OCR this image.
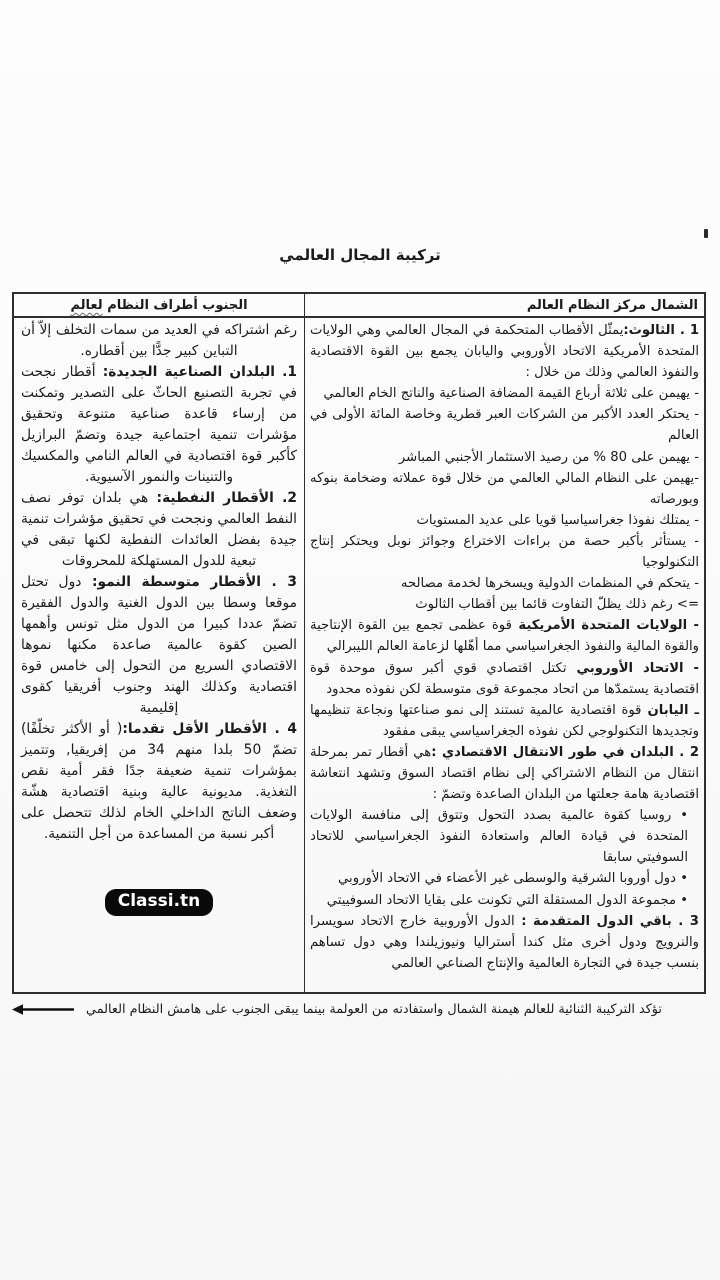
تركيبة المجال العالمي
الشمال مركز النظام العالم
الجنوب أطراف النظام لعالم

1 . الثالوث:يمثّل الأقطاب المتحكمة في المجال العالمي وهي الولايات المتحدة الأمريكية الاتحاد الأوروبي واليابان يجمع بين القوة الاقتصادية والنفوذ العالمي وذلك من خلال :

- يهيمن على ثلاثة أرباع القيمة المضافة الصناعية والناتج الخام العالمي

- يحتكر العدد الأكبر من الشركات العبر قطرية وخاصة المائة الأولى في العالم

- يهيمن على 80 % من رصيد الاستثمار الأجنبي المباشر

-يهيمن على النظام المالي العالمي من خلال قوة عملاته وضخامة بنوكه وبورصاته

- يمتلك نفوذا جغراسياسيا قويا على عديد المستويات

- يستأثر بأكبر حصة من براءات الاختراع وجوائز نوبل ويحتكر إنتاج التكنولوجيا

- يتحكم في المنظمات الدولية ويسخرها لخدمة مصالحه

=> رغم ذلك يظلّ التفاوت قائما بين أقطاب الثالوث

- الولايات المتحدة الأمريكية قوة عظمى تجمع بين القوة الإنتاجية والقوة المالية والنفوذ الجغراسياسي مما أهّلها لزعامة العالم الليبرالي

- الاتحاد الأوروبي تكتل اقتصادي قوي أكبر سوق موحدة قوة اقتصادية يستمدّها من اتحاد مجموعة قوى متوسطة لكن نفوذه محدود

ـ اليابان قوة اقتصادية عالمية تستند إلى نمو صناعتها ونجاعة تنظيمها وتجديدها التكنولوجي لكن نفوذه الجغراسياسي يبقى مفقود

2 . البلدان في طور الانتقال الاقتصادي :هي أقطار تمر بمرحلة انتقال من النظام الاشتراكي إلى نظام اقتصاد السوق وتشهد انتعاشة اقتصادية هامة جعلتها من البلدان الصاعدة وتضمّ :

• روسيا كقوة عالمية بصدد التحول وتتوق إلى منافسة الولايات المتحدة في قيادة العالم واستعادة النفوذ الجغراسياسي للاتحاد السوفيتي سابقا

• دول أوروبا الشرقية والوسطى غير الأعضاء في الاتحاد الأوروبي

• مجموعة الدول المستقلة التي تكونت على بقايا الاتحاد السوفييتي

3 . باقي الدول المتقدمة : الدول الأوروبية خارج الاتحاد سويسرا والنرويج ودول أخرى مثل كندا أستراليا ونيوزيلندا وهي دول تساهم بنسب جيدة في التجارة العالمية والإنتاج الصناعي العالمي

رغم اشتراكه في العديد من سمات التخلف إلاّ أن التباين كبير جدًّا بين أقطاره.

1. البلدان الصناعية الجديدة: أقطار نجحت في تجربة التصنيع الحاثّ على التصدير وتمكنت من إرساء قاعدة صناعية متنوعة وتحقيق مؤشرات تنمية اجتماعية جيدة وتضمّ البرازيل كأكبر قوة اقتصادية في العالم النامي والمكسيك والتنينات والنمور الآسيوية.

2. الأقطار النفطية: هي بلدان توفر نصف النفط العالمي ونجحت في تحقيق مؤشرات تنمية جيدة بفضل العائدات النفطية لكنها تبقى في تبعية للدول المستهلكة للمحروقات

3 . الأقطار متوسطة النمو: دول تحتل موقعا وسطا بين الدول الغنية والدول الفقيرة تضمّ عددا كبيرا من الدول مثل تونس وأهمها الصين كقوة عالمية صاعدة مكنها نموها الاقتصادي السريع من التحول إلى خامس قوة اقتصادية وكذلك الهند وجنوب أفريقيا كقوى إقليمية

4 . الأقطار الأقل تقدما:( أو الأكثر تخلّفًا) تضمّ 50 بلدا منهم 34 من إفريقيا, وتتميز بمؤشرات تنمية ضعيفة جدًا فقر أمية نقص التغذية. مديونية عالية وبنية اقتصادية هشّة وضعف الناتج الداخلي الخام لذلك تتحصل على أكبر نسبة من المساعدة من أجل التنمية.

Classi.tn
تؤكد التركيبة الثنائية للعالم هيمنة الشمال واستفادته من العولمة بينما يبقى الجنوب على هامش النظام العالمي
